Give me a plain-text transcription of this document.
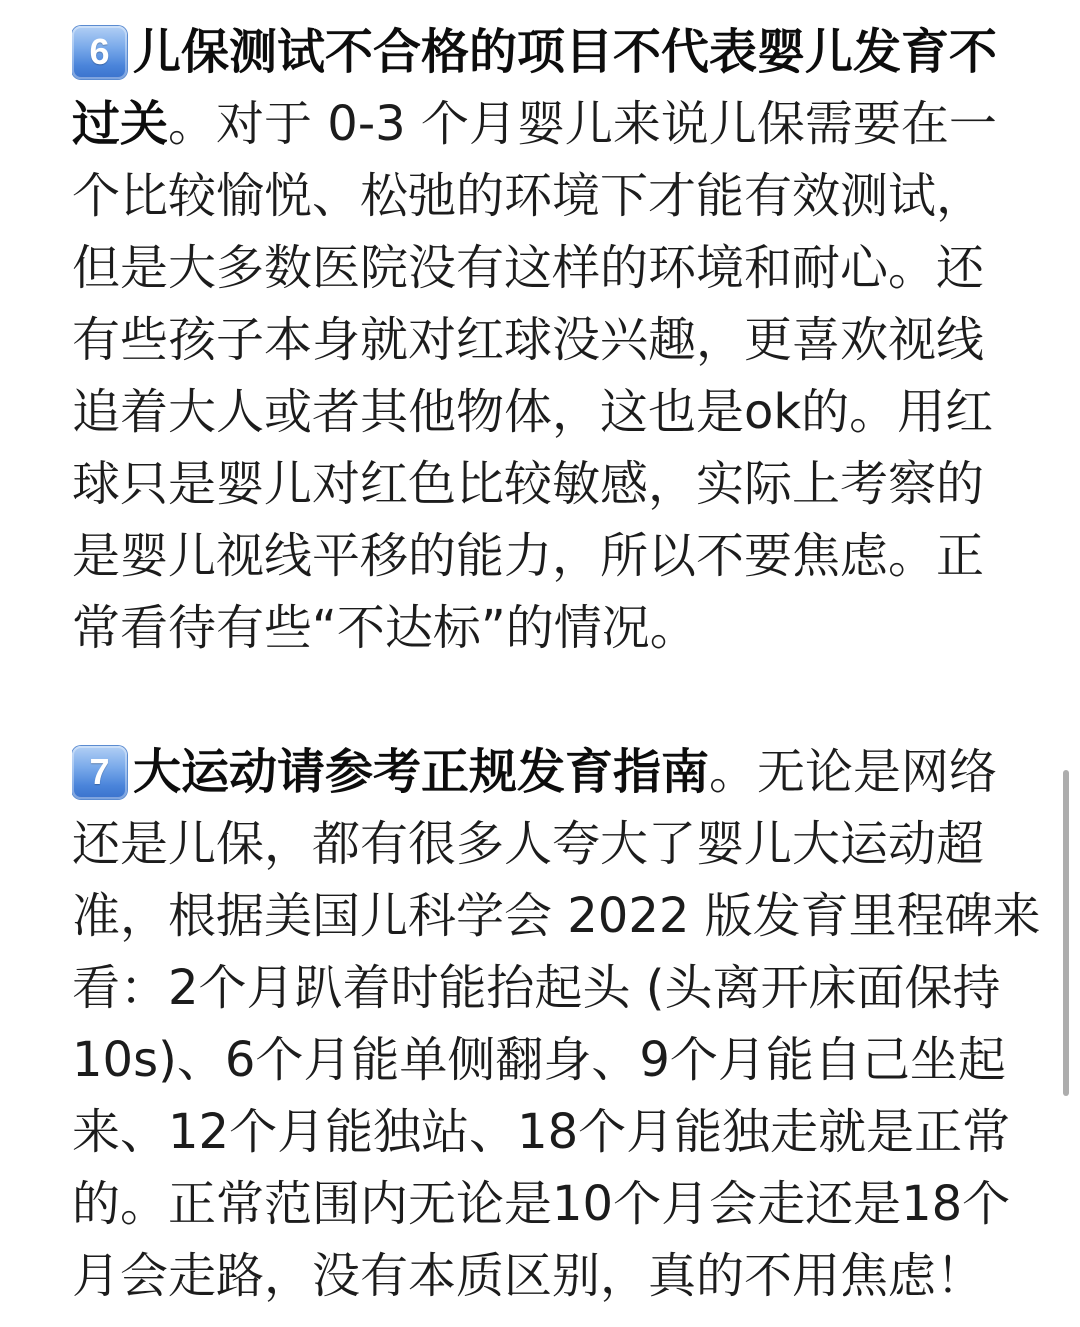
6 儿保测试不合格的项目不代表婴儿发育不
过关 。对于 0-3 个月婴儿来说儿保需要在一
个比较愉悦、松弛的环境下才能有效测试，
但是大多数医院没有这样的环境和耐心。还
有些孩子本身就对红球没兴趣，更喜欢视线
追着大人或者其他物体，这也是ok的。用红
球只是婴儿对红色比较敏感，实际上考察的
是婴儿视线平移的能力，所以不要焦虑。正
常看待有些“不达标”的情况。
7 大运动请参考正规发育指南 。无论是网络
还是儿保，都有很多人夸大了婴儿大运动超
准，根据美国儿科学会 2022 版发育里程碑来
看：2个月趴着时能抬起头 (头离开床面保持
10s)、6个月能单侧翻身、9个月能自己坐起
来、12个月能独站、18个月能独走就是正常
的。正常范围内无论是10个月会走还是18个
月会走路，没有本质区别，真的不用焦虑！
